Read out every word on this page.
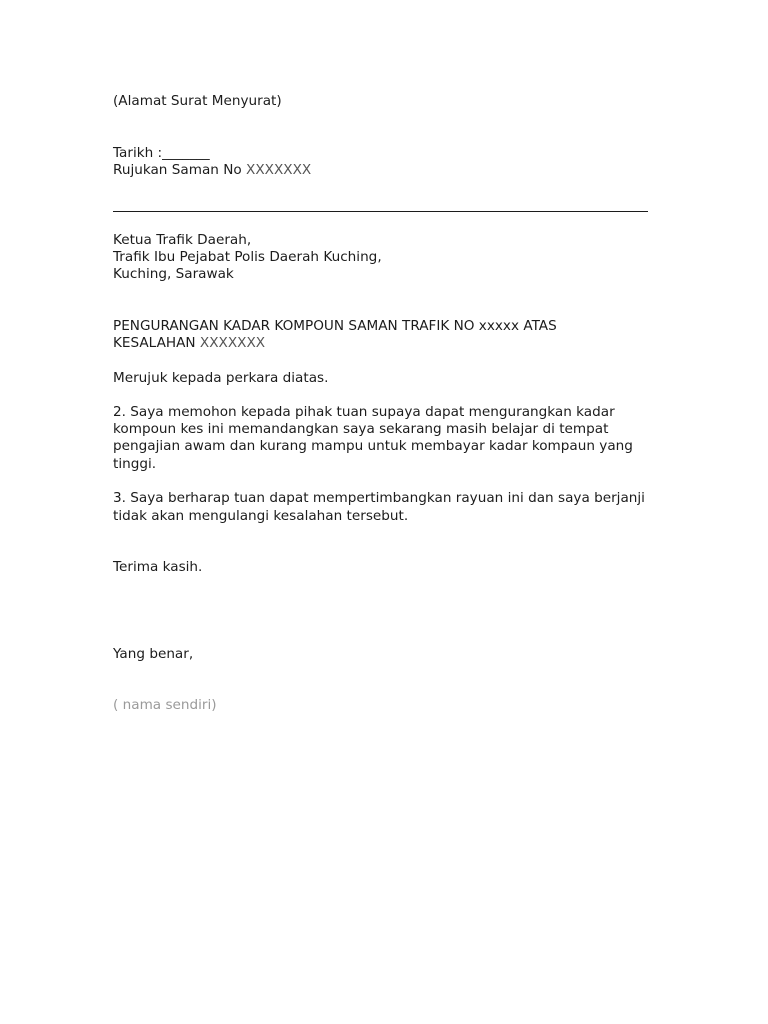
(Alamat Surat Menyurat)
Tarikh :_______
Rujukan Saman No XXXXXXX
Ketua Trafik Daerah,
Trafik Ibu Pejabat Polis Daerah Kuching,
Kuching, Sarawak
PENGURANGAN KADAR KOMPOUN SAMAN TRAFIK NO xxxxx ATAS
KESALAHAN XXXXXXX
Merujuk kepada perkara diatas.
2. Saya memohon kepada pihak tuan supaya dapat mengurangkan kadar
kompoun kes ini memandangkan saya sekarang masih belajar di tempat
pengajian awam dan kurang mampu untuk membayar kadar kompaun yang
tinggi.
3. Saya berharap tuan dapat mempertimbangkan rayuan ini dan saya berjanji
tidak akan mengulangi kesalahan tersebut.
Terima kasih.
Yang benar,
( nama sendiri)
